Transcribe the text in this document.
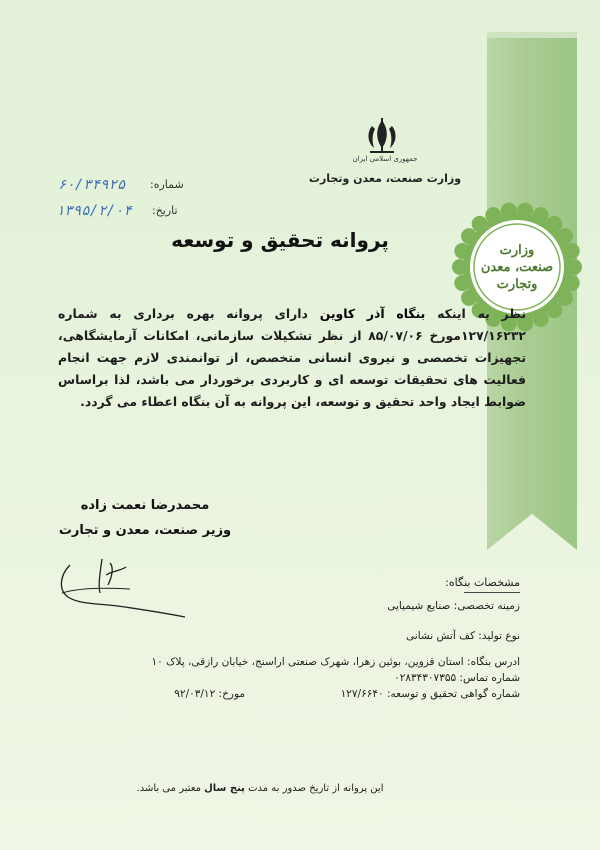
وزارت
صنعت، معدن
وتجارت
جمهوری اسلامی ایران
وزارت صنعت، معدن وتجارت
شماره:
۶۰/۳۴۹۲۵
تاریخ:
۱۳۹۵/۲/۰۴
پروانه تحقیق و توسعه
نظر به اینکه بنگاه آذر کاوین دارای پروانه بهره برداری به شماره ۱۲۷/۱۶۲۳۲مورخ ۸۵/۰۷/۰۶ از نظر تشکیلات سازمانی، امکانات آزمایشگاهی، تجهیزات تخصصی و نیروی انسانی متخصص، از توانمندی لازم جهت انجام فعالیت های تحقیقات توسعه ای و کاربردی برخوردار می باشد، لذا براساس ضوابط ایجاد واحد تحقیق و توسعه، این پروانه به آن بنگاه اعطاء می گردد.
محمدرضا نعمت زاده
وزیر صنعت، معدن و تجارت
مشخصات بنگاه:
زمینه تخصصی: صنایع شیمیایی
نوع تولید: کف آتش نشانی
ادرس بنگاه: استان قزوین، بوئین زهرا، شهرک صنعتی اراسنج، خیابان رازقی، پلاک ۱۰
شماره تماس: ۰۲۸۳۴۳۰۷۳۵۵
شماره گواهی تحقیق و توسعه: ۱۲۷/۶۶۴۰
مورخ: ۹۲/۰۳/۱۲
این پروانه از تاریخ صدور به مدت پنج سال معتبر می باشد.
